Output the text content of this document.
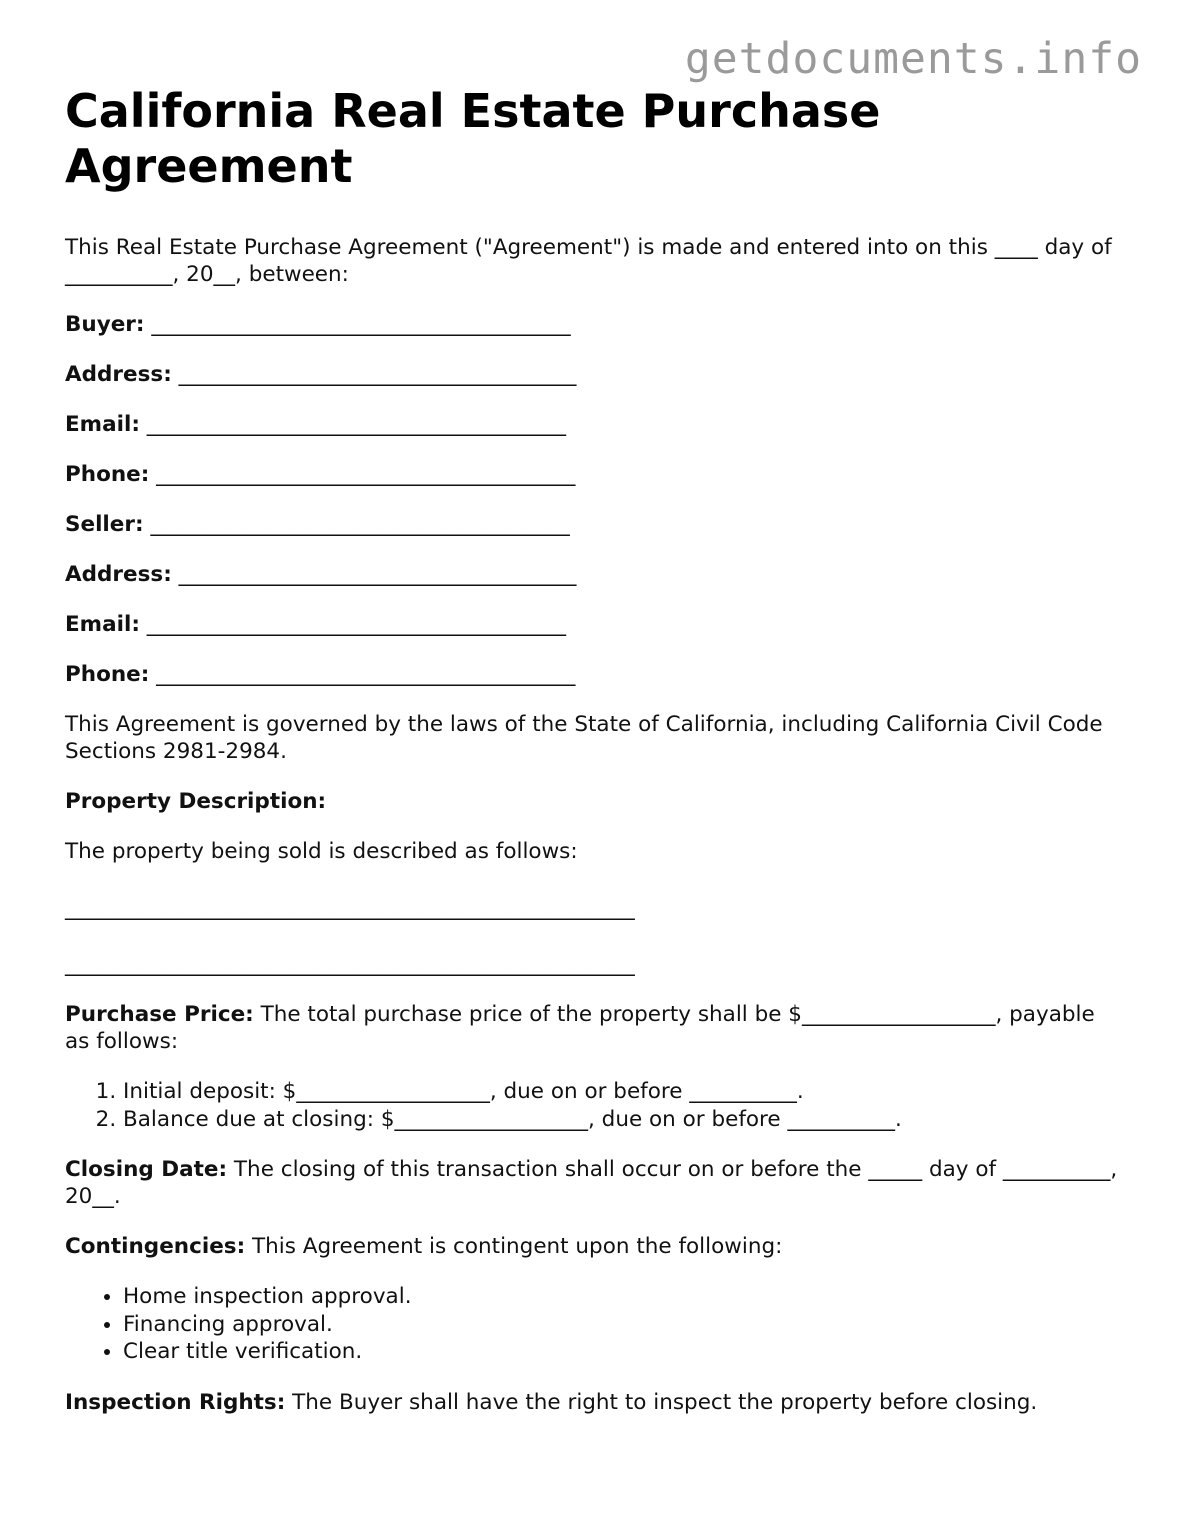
getdocuments.info
California Real Estate Purchase Agreement

This Real Estate Purchase Agreement ("Agreement") is made and entered into on this ____ day of __________, 20__, between:

Buyer: _______________________________________

Address: _____________________________________

Email: _______________________________________

Phone: _______________________________________

Seller: _______________________________________

Address: _____________________________________

Email: _______________________________________

Phone: _______________________________________

This Agreement is governed by the laws of the State of California, including California Civil Code Sections 2981-2984.

Property Description:

The property being sold is described as follows:

_____________________________________________________

_____________________________________________________

Purchase Price: The total purchase price of the property shall be $__________________, payable as follows:

1. Initial deposit: $__________________, due on or before __________.
2. Balance due at closing: $__________________, due on or before __________.

Closing Date: The closing of this transaction shall occur on or before the _____ day of __________, 20__.

Contingencies: This Agreement is contingent upon the following:

• Home inspection approval.
• Financing approval.
• Clear title verification.

Inspection Rights: The Buyer shall have the right to inspect the property before closing.
